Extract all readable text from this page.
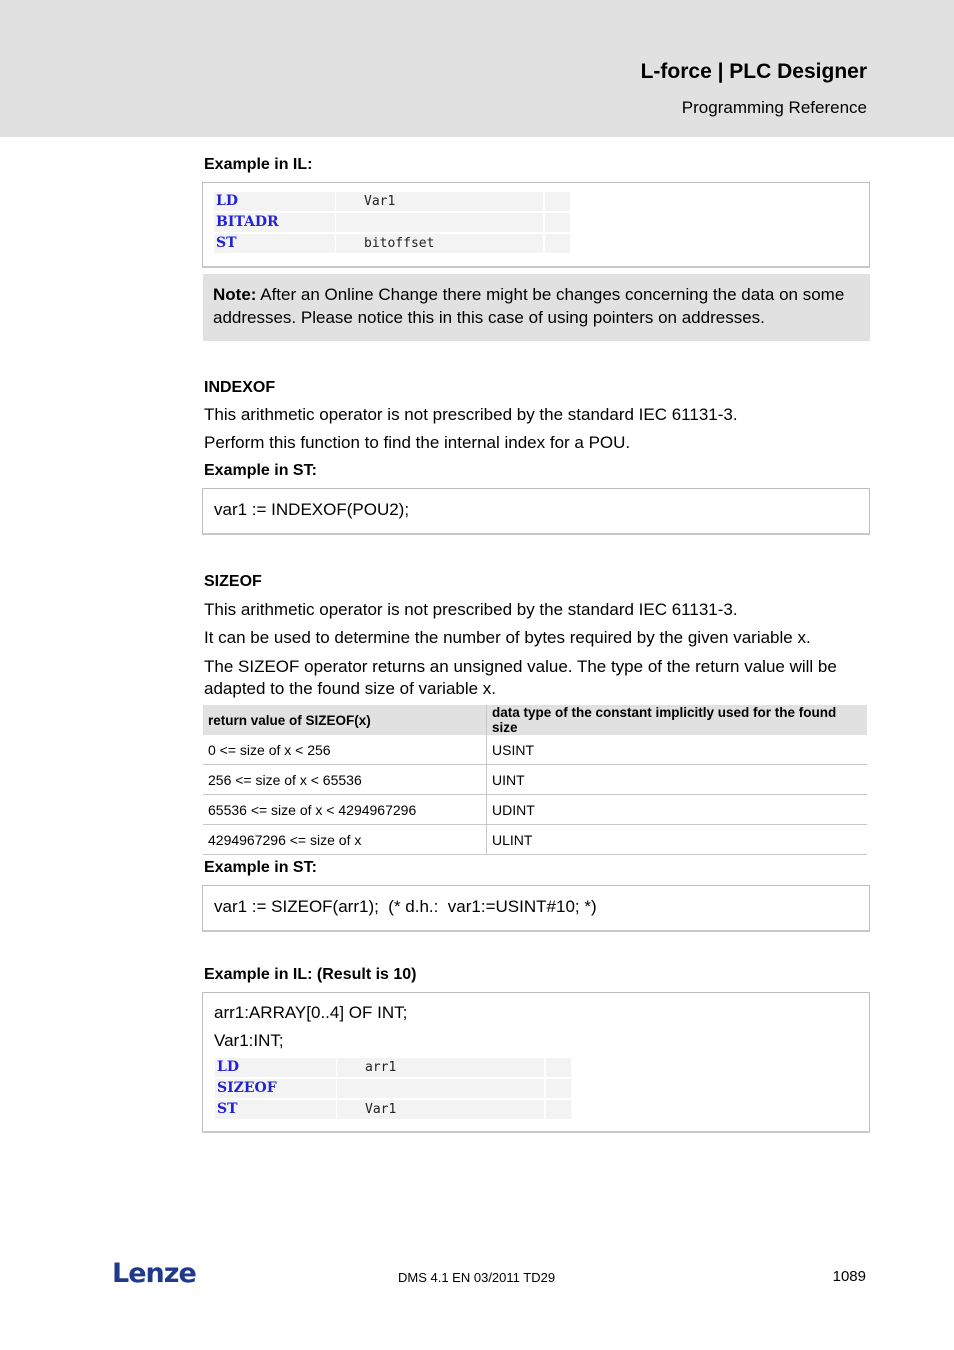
L-force | PLC Designer
Programming Reference
Example in IL:
LD	Var1
BITADR
ST	bitoffset
Note: After an Online Change there might be changes concerning the data on some addresses. Please notice this in this case of using pointers on addresses.
INDEXOF
This arithmetic operator is not prescribed by the standard IEC 61131-3.
Perform this function to find the internal index for a POU.
Example in ST:
var1 := INDEXOF(POU2);
SIZEOF
This arithmetic operator is not prescribed by the standard IEC 61131-3.
It can be used to determine the number of bytes required by the given variable x.
The SIZEOF operator returns an unsigned value. The type of the return value will be adapted to the found size of variable x.
return value of SIZEOF(x)	data type of the constant implicitly used for the found size
0 <= size of x < 256	USINT
256 <= size of x < 65536	UINT
65536 <= size of x < 4294967296	UDINT
4294967296 <= size of x	ULINT
Example in ST:
var1 := SIZEOF(arr1);  (* d.h.:  var1:=USINT#10; *)
Example in IL: (Result is 10)
arr1:ARRAY[0..4] OF INT;
Var1:INT;
LD	arr1
SIZEOF
ST	Var1
Lenze	DMS 4.1 EN 03/2011 TD29	1089
